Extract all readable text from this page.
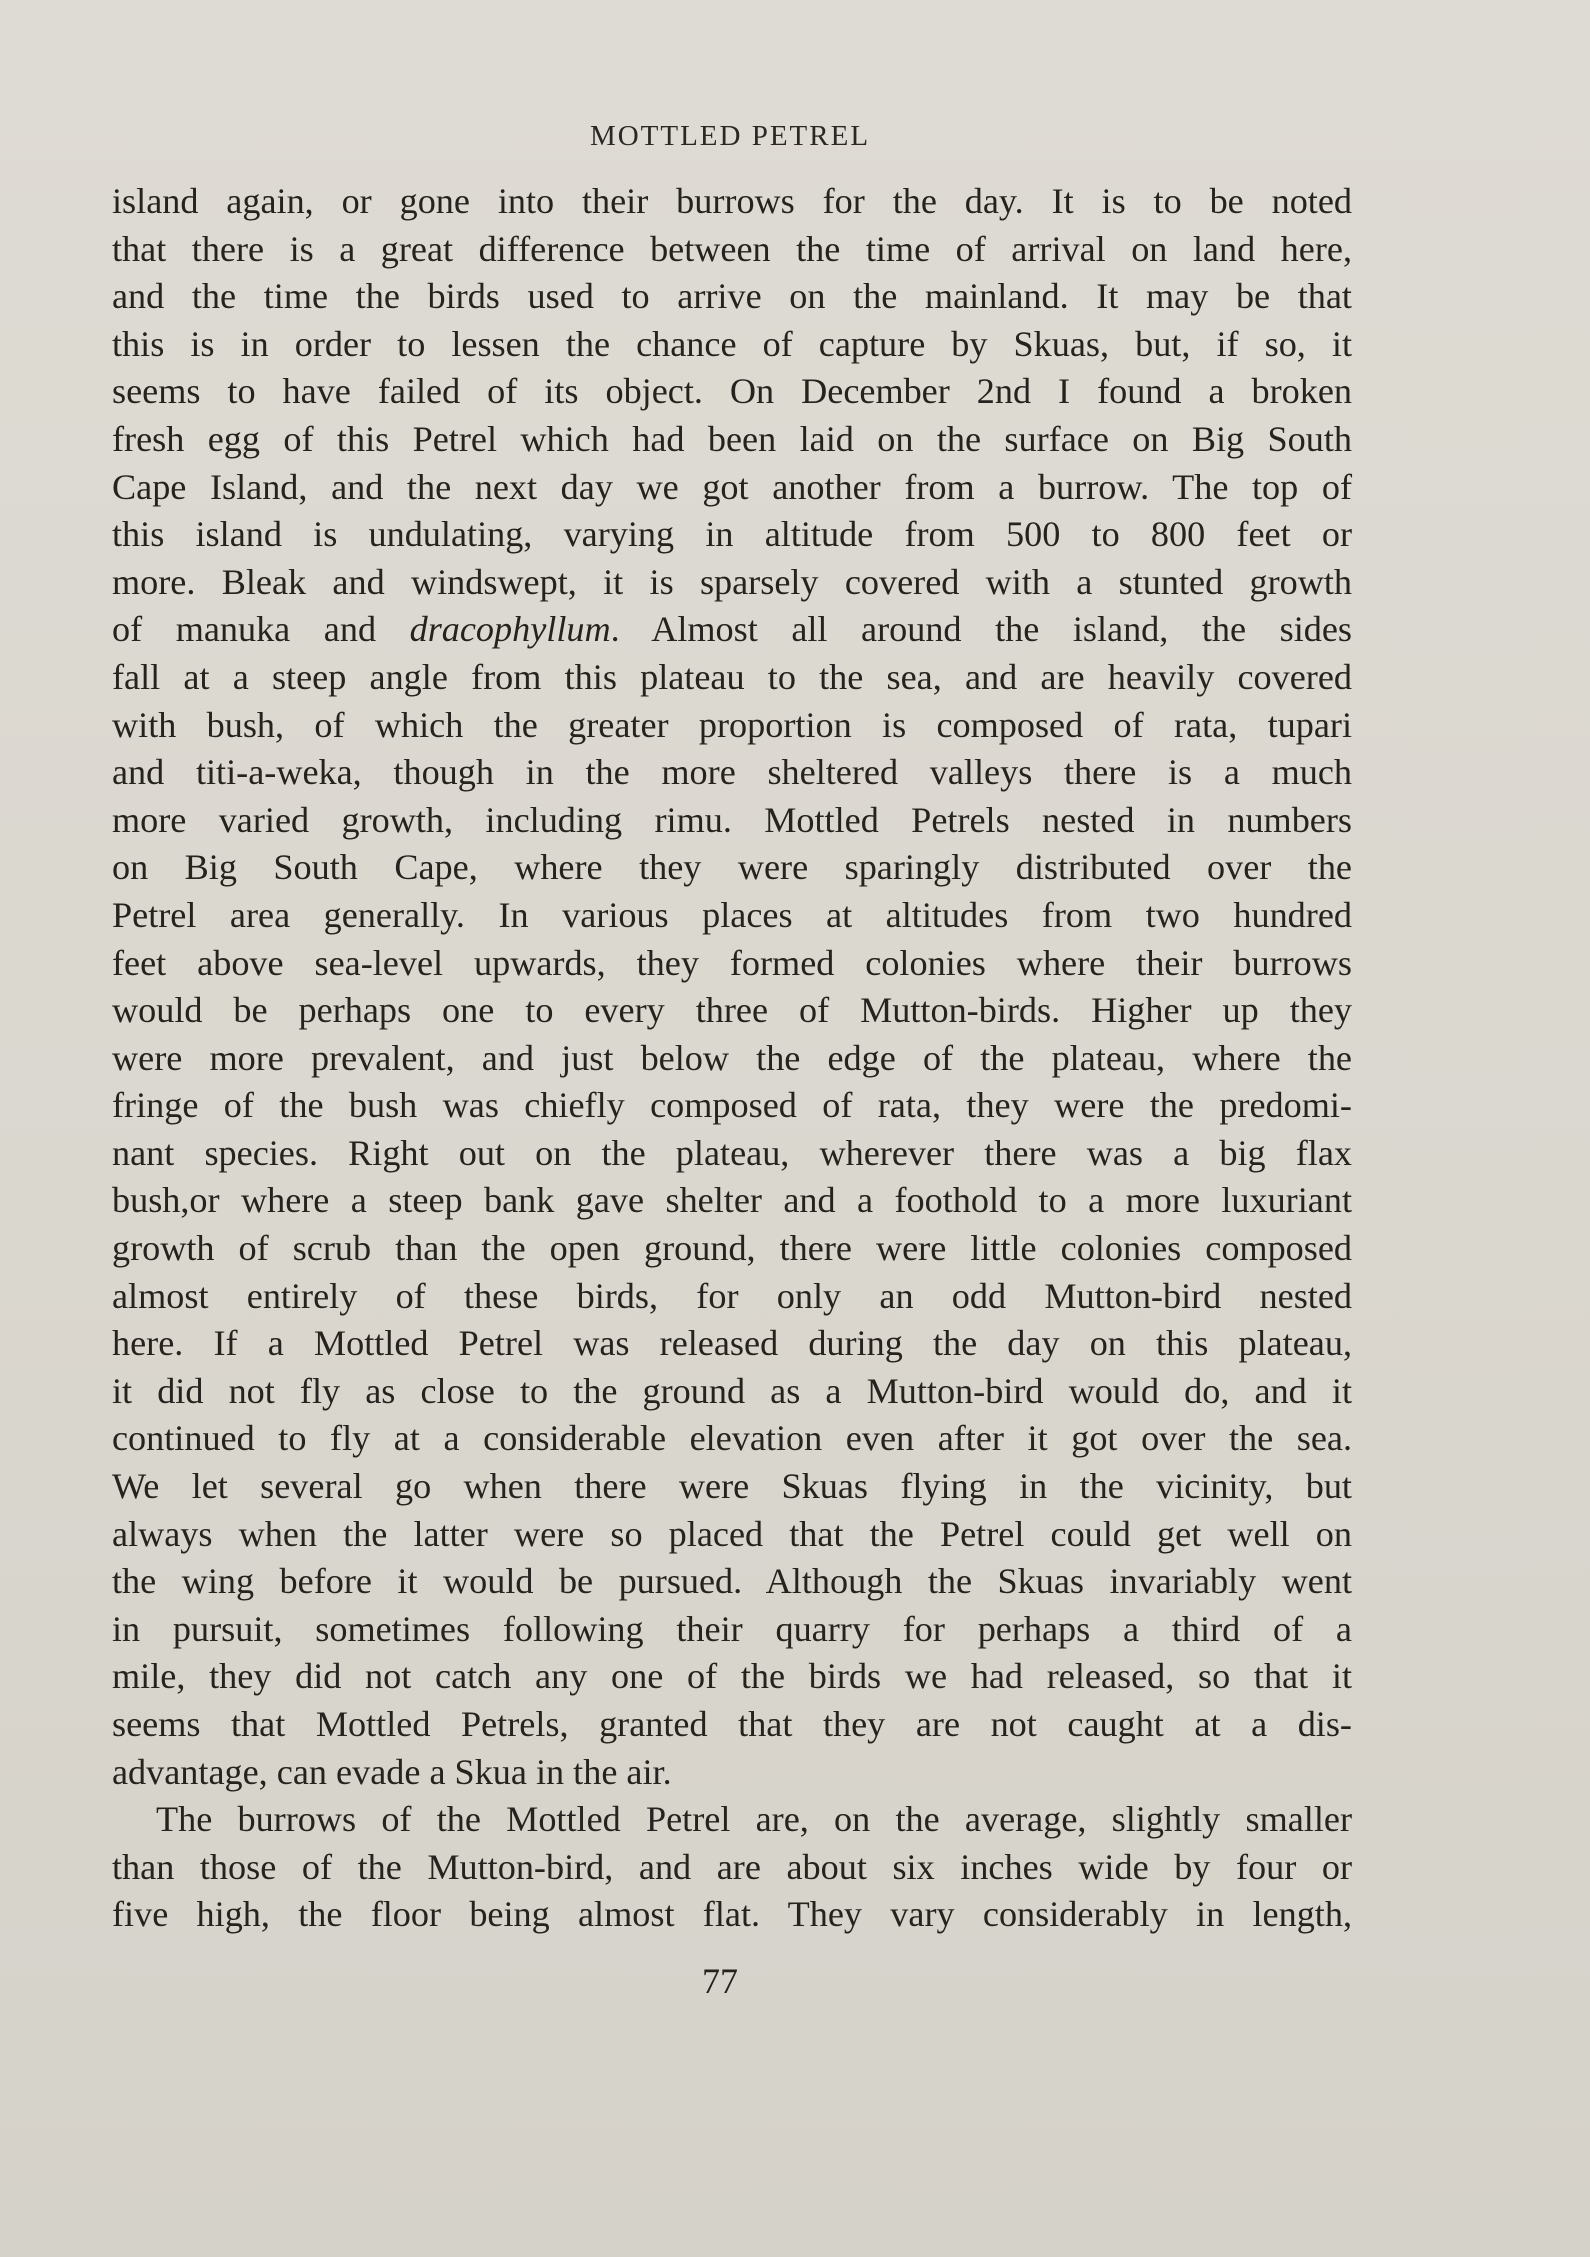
MOTTLED PETREL
island again, or gone into their burrows for the day. It is to be noted
that there is a great difference between the time of arrival on land here,
and the time the birds used to arrive on the mainland. It may be that
this is in order to lessen the chance of capture by Skuas, but, if so, it
seems to have failed of its object. On December 2nd I found a broken
fresh egg of this Petrel which had been laid on the surface on Big South
Cape Island, and the next day we got another from a burrow. The top of
this island is undulating, varying in altitude from 500 to 800 feet or
more. Bleak and windswept, it is sparsely covered with a stunted growth
of manuka and dracophyllum. Almost all around the island, the sides
fall at a steep angle from this plateau to the sea, and are heavily covered
with bush, of which the greater proportion is composed of rata, tupari
and titi-a-weka, though in the more sheltered valleys there is a much
more varied growth, including rimu. Mottled Petrels nested in numbers
on Big South Cape, where they were sparingly distributed over the
Petrel area generally. In various places at altitudes from two hundred
feet above sea-level upwards, they formed colonies where their burrows
would be perhaps one to every three of Mutton-birds. Higher up they
were more prevalent, and just below the edge of the plateau, where the
fringe of the bush was chiefly composed of rata, they were the predomi-
nant species. Right out on the plateau, wherever there was a big flax
bush,or where a steep bank gave shelter and a foothold to a more luxuriant
growth of scrub than the open ground, there were little colonies composed
almost entirely of these birds, for only an odd Mutton-bird nested
here. If a Mottled Petrel was released during the day on this plateau,
it did not fly as close to the ground as a Mutton-bird would do, and it
continued to fly at a considerable elevation even after it got over the sea.
We let several go when there were Skuas flying in the vicinity, but
always when the latter were so placed that the Petrel could get well on
the wing before it would be pursued. Although the Skuas invariably went
in pursuit, sometimes following their quarry for perhaps a third of a
mile, they did not catch any one of the birds we had released, so that it
seems that Mottled Petrels, granted that they are not caught at a dis-
advantage, can evade a Skua in the air.
The burrows of the Mottled Petrel are, on the average, slightly smaller
than those of the Mutton-bird, and are about six inches wide by four or
five high, the floor being almost flat. They vary considerably in length,
77
